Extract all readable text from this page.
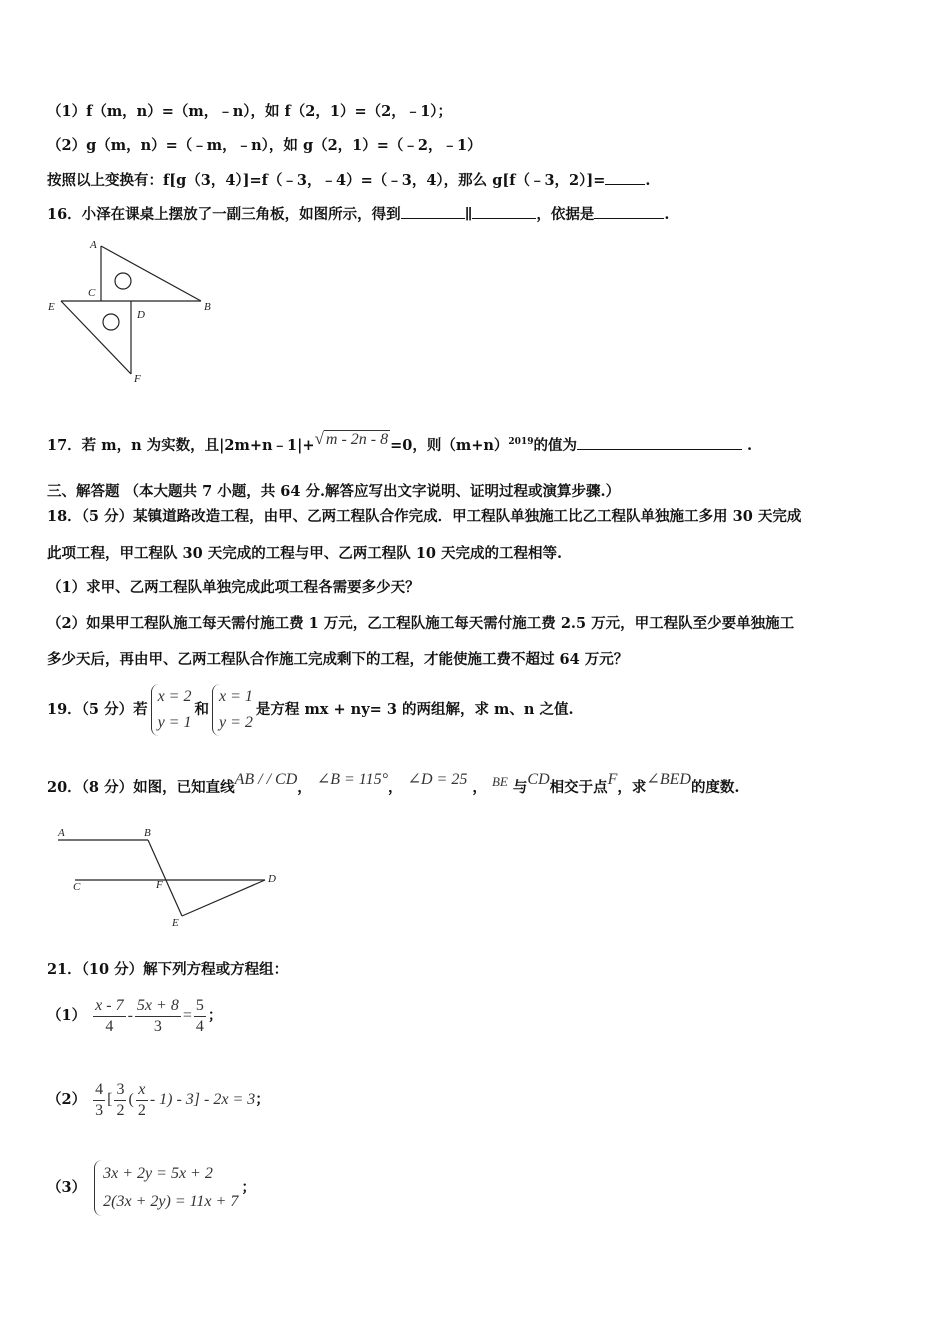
（1）f（m，n）=（m，﹣n），如 f（2，1）=（2，﹣1）；
（2）g（m，n）=（﹣m，﹣n），如 g（2，1）=（﹣2，﹣1）
按照以上变换有：f[g（3，4）]=f（﹣3，﹣4）=（﹣3，4），那么 g[f（﹣3，2）]=	.
16．小泽在课桌上摆放了一副三角板，如图所示，得到	∥	，依据是	.
A
B
C
D
E
F
17．若 m，n 为实数，且|2m+n﹣1|+√ m - 2n - 8 =0，则$(m+n)^{2019}$的值为	.
三、解答题 （本大题共 7 小题，共 64 分.解答应写出文字说明、证明过程或演算步骤.）
18．（5 分）某镇道路改造工程，由甲、乙两工程队合作完成．甲工程队单独施工比乙工程队单独施工多用 30 天完成
此项工程，甲工程队 30 天完成的工程与甲、乙两工程队 10 天完成的工程相等.
（1）求甲、乙两工程队单独完成此项工程各需要多少天？
（2）如果甲工程队施工每天需付施工费 1 万元，乙工程队施工每天需付施工费 2.5 万元，甲工程队至少要单独施工
多少天后，再由甲、乙两工程队合作施工完成剩下的工程，才能使施工费不超过 64 万元？
19．（5 分）若
x = 2
y = 1
和
x = 1
y = 2
是方程 mx + ny= 3 的两组解，求 m、n 之值.
20．（8 分）如图，已知直线AB / / CD， ∠B = 115°， ∠D = 25 ， BE 与CD相交于点F，求∠BED的度数.
A	B
C
D
E
F
21．（10 分）解下列方程或方程组：
$(1) \frac{x - 7}{4} - \frac{5x + 8}{3} = \frac{5}{4}$ ；
$(2) \frac{4}{3}$ [ $\frac{3}{2}$ ( $\frac{x}{2} - 1) - 3] - 2x = 3$；
（3）
3x + 2y = 5x + 2
2(3x + 2y) = 11x + 7
；
